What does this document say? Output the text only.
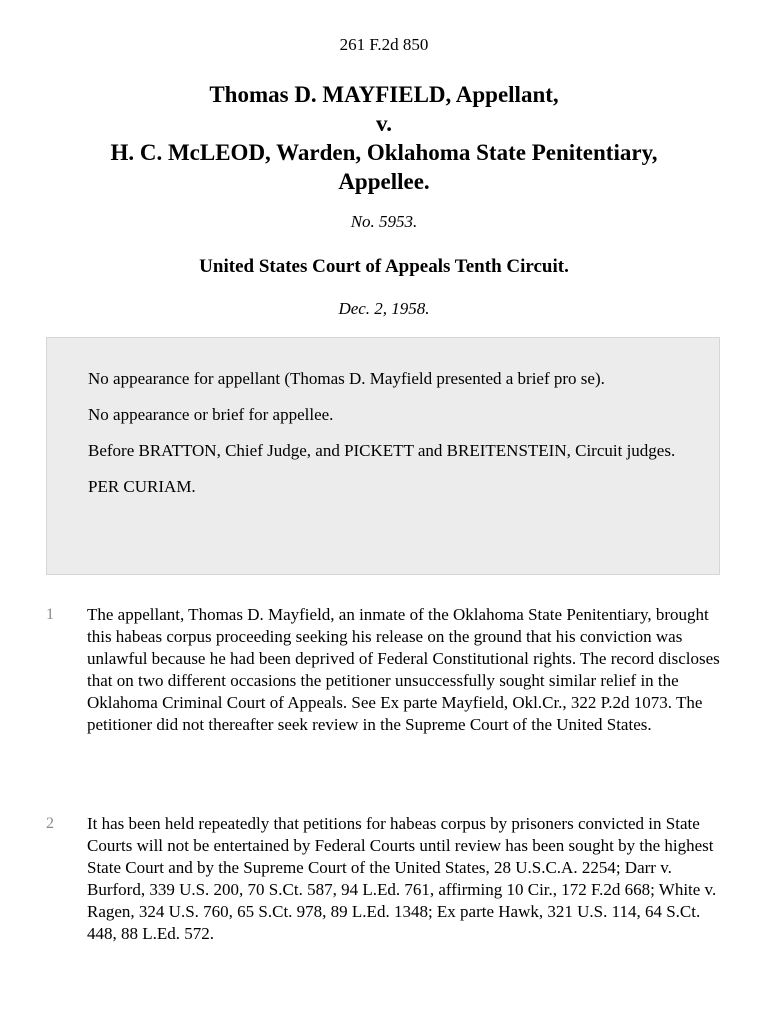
261 F.2d 850
Thomas D. MAYFIELD, Appellant,
v.
H. C. McLEOD, Warden, Oklahoma State Penitentiary,
Appellee.
No. 5953.
United States Court of Appeals Tenth Circuit.
Dec. 2, 1958.

No appearance for appellant (Thomas D. Mayfield presented a brief pro se).

No appearance or brief for appellee.

Before BRATTON, Chief Judge, and PICKETT and BREITENSTEIN, Circuit judges.

PER CURIAM.

1 The appellant, Thomas D. Mayfield, an inmate of the Oklahoma State Penitentiary, brought this habeas corpus proceeding seeking his release on the ground that his conviction was unlawful because he had been deprived of Federal Constitutional rights. The record discloses that on two different occasions the petitioner unsuccessfully sought similar relief in the Oklahoma Criminal Court of Appeals. See Ex parte Mayfield, Okl.Cr., 322 P.2d 1073. The petitioner did not thereafter seek review in the Supreme Court of the United States.
2 It has been held repeatedly that petitions for habeas corpus by prisoners convicted in State Courts will not be entertained by Federal Courts until review has been sought by the highest State Court and by the Supreme Court of the United States, 28 U.S.C.A. 2254; Darr v. Burford, 339 U.S. 200, 70 S.Ct. 587, 94 L.Ed. 761, affirming 10 Cir., 172 F.2d 668; White v. Ragen, 324 U.S. 760, 65 S.Ct. 978, 89 L.Ed. 1348; Ex parte Hawk, 321 U.S. 114, 64 S.Ct. 448, 88 L.Ed. 572.
